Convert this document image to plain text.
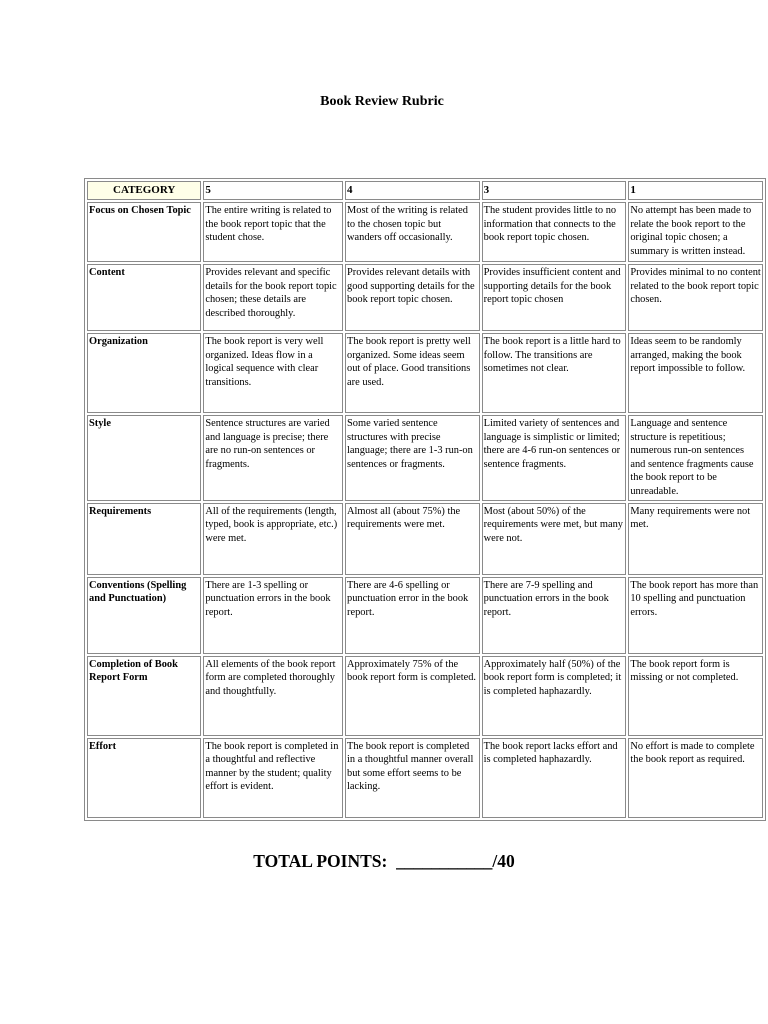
Book Review Rubric
CATEGORY	5	4	3	1
Focus on Chosen Topic	The entire writing is related to the book report topic that the student chose.	Most of the writing is related to the chosen topic but wanders off occasionally.	The student provides little to no information that connects to the book report topic chosen.	No attempt has been made to relate the book report to the original topic chosen; a summary is written instead.
Content	Provides relevant and specific details for the book report topic chosen; these details are described thoroughly.	Provides relevant details with good supporting details for the book report topic chosen.	Provides insufficient content and supporting details for the book report topic chosen	Provides minimal to no content related to the book report topic chosen.
Organization	The book report is very well organized. Ideas flow in a logical sequence with clear transitions.	The book report is pretty well organized. Some ideas seem out of place. Good transitions are used.	The book report is a little hard to follow. The transitions are sometimes not clear.	Ideas seem to be randomly arranged, making the book report impossible to follow.
Style	Sentence structures are varied and language is precise; there are no run-on sentences or fragments.	Some varied sentence structures with precise language; there are 1-3 run-on sentences or fragments.	Limited variety of sentences and language is simplistic or limited; there are 4-6 run-on sentences or sentence fragments.	Language and sentence structure is repetitious; numerous run-on sentences and sentence fragments cause the book report to be unreadable.
Requirements	All of the requirements (length, typed, book is appropriate, etc.) were met.	Almost all (about 75%) the requirements were met.	Most (about 50%) of the requirements were met, but many were not.	Many requirements were not met.
Conventions (Spelling and Punctuation)	There are 1-3 spelling or punctuation errors in the book report.	There are 4-6 spelling or punctuation error in the book report.	There are 7-9 spelling and punctuation errors in the book report.	The book report has more than 10 spelling and punctuation errors.
Completion of Book Report Form	All elements of the book report form are completed thoroughly and thoughtfully.	Approximately 75% of the book report form is completed.	Approximately half (50%) of the book report form is completed; it is completed haphazardly.	The book report form is missing or not completed.
Effort	The book report is completed in a thoughtful and reflective manner by the student; quality effort is evident.	The book report is completed in a thoughtful manner overall but some effort seems to be lacking.	The book report lacks effort and is completed haphazardly.	No effort is made to complete the book report as required.
TOTAL POINTS:  ___________/40
